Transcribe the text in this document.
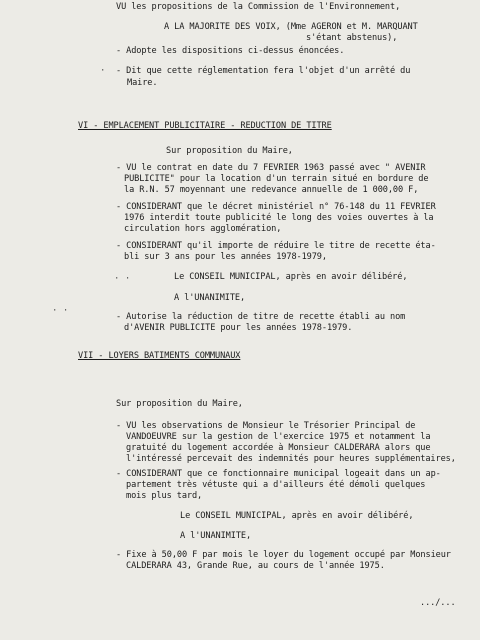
VU les propositions de la Commission de l'Environnement,
A LA MAJORITE DES VOIX, (Mme AGERON et M. MARQUANT
s'étant abstenus),
- Adopte les dispositions ci-dessus énoncées.
- Dit que cette réglementation fera l'objet d'un arrêté du
Maire.
VI - EMPLACEMENT PUBLICITAIRE - REDUCTION DE TITRE
Sur proposition du Maire,
- VU le contrat en date du 7 FEVRIER 1963 passé avec " AVENIR
PUBLICITE" pour la location d'un terrain situé en bordure de
la R.N. 57 moyennant une redevance annuelle de 1 000,00 F,
- CONSIDERANT que le décret ministériel n° 76-148 du 11 FEVRIER
1976 interdit toute publicité le long des voies ouvertes à la
circulation hors agglomération,
- CONSIDERANT qu'il importe de réduire le titre de recette éta-
bli sur 3 ans pour les années 1978-1979,
Le CONSEIL MUNICIPAL, après en avoir délibéré,
A l'UNANIMITE,
- Autorise la réduction de titre de recette établi au nom
d'AVENIR PUBLICITE pour les années 1978-1979.
VII - LOYERS BATIMENTS COMMUNAUX
Sur proposition du Maire,
- VU les observations de Monsieur le Trésorier Principal de
VANDOEUVRE sur la gestion de l'exercice 1975 et notamment la
gratuité du logement accordée à Monsieur CALDERARA alors que
l'intéressé percevait des indemnités pour heures supplémentaires,
- CONSIDERANT que ce fonctionnaire municipal logeait dans un ap-
partement très vétuste qui a d'ailleurs été démoli quelques
mois plus tard,
Le CONSEIL MUNICIPAL, après en avoir délibéré,
A l'UNANIMITE,
- Fixe à 50,00 F par mois le loyer du logement occupé par Monsieur
CALDERARA 43, Grande Rue, au cours de l'année 1975.
.../...
·
· ·
· ·
